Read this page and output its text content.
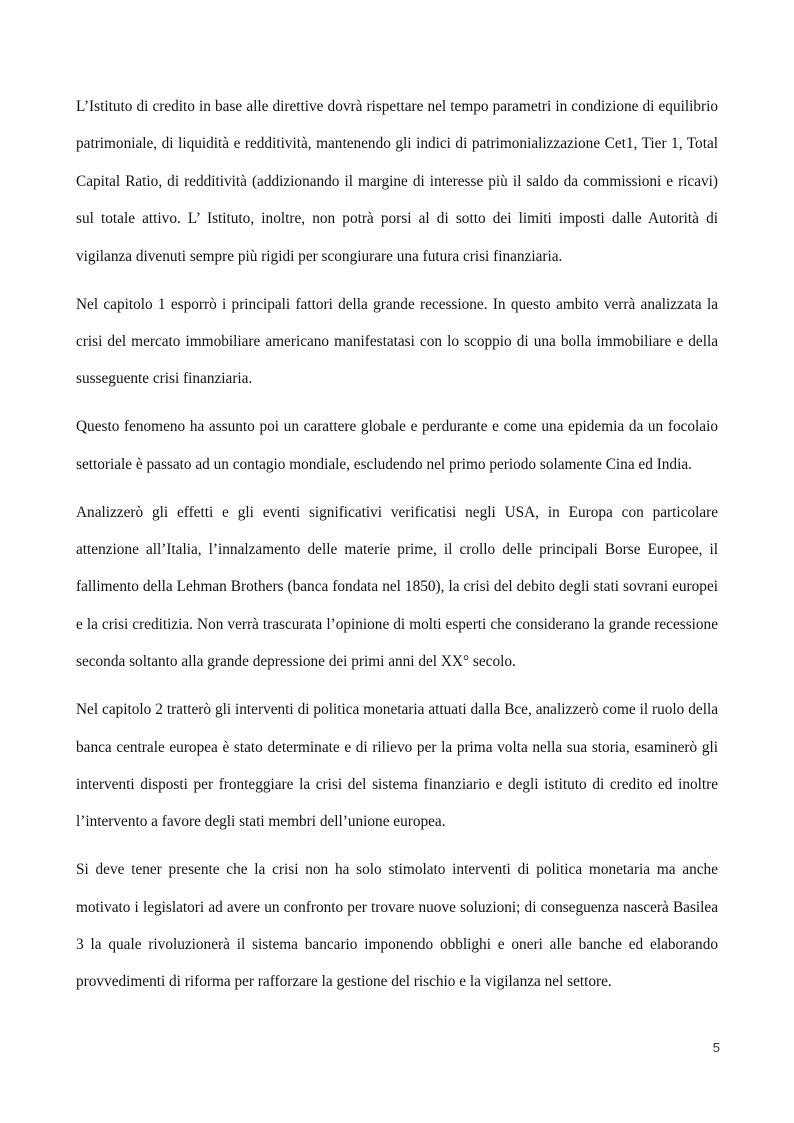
L’Istituto di credito in base alle direttive dovrà rispettare nel tempo parametri in condizione di equilibrio patrimoniale, di liquidità e redditività, mantenendo gli indici di patrimonializzazione Cet1, Tier 1, Total Capital Ratio, di redditività (addizionando il margine di interesse più il saldo da commissioni e ricavi) sul totale attivo. L’ Istituto, inoltre, non potrà porsi al di sotto dei limiti imposti dalle Autorità di vigilanza divenuti sempre più rigidi per scongiurare una futura crisi finanziaria.

Nel capitolo 1 esporrò i principali fattori della grande recessione. In questo ambito verrà analizzata la crisi del mercato immobiliare americano manifestatasi con lo scoppio di una bolla immobiliare e della susseguente crisi finanziaria.

Questo fenomeno ha assunto poi un carattere globale e perdurante e come una epidemia da un focolaio settoriale è passato ad un contagio mondiale, escludendo nel primo periodo solamente Cina ed India.

Analizzerò gli effetti e gli eventi significativi verificatisi negli USA, in Europa con particolare attenzione all’Italia, l’innalzamento delle materie prime, il crollo delle principali Borse Europee, il fallimento della Lehman Brothers (banca fondata nel 1850), la crisi del debito degli stati sovrani europei e la crisi creditizia. Non verrà trascurata l’opinione di molti esperti che considerano la grande recessione seconda soltanto alla grande depressione dei primi anni del XX° secolo.

Nel capitolo 2 tratterò gli interventi di politica monetaria attuati dalla Bce, analizzerò come il ruolo della banca centrale europea è stato determinate e di rilievo per la prima volta nella sua storia, esaminerò gli interventi disposti per fronteggiare la crisi del sistema finanziario e degli istituto di credito ed inoltre l’intervento a favore degli stati membri dell’unione europea.

Si deve tener presente che la crisi non ha solo stimolato interventi di politica monetaria ma anche motivato i legislatori ad avere un confronto per trovare nuove soluzioni; di conseguenza nascerà Basilea 3 la quale rivoluzionerà il sistema bancario imponendo obblighi e oneri alle banche ed elaborando provvedimenti di riforma per rafforzare la gestione del rischio e la vigilanza nel settore.

5
